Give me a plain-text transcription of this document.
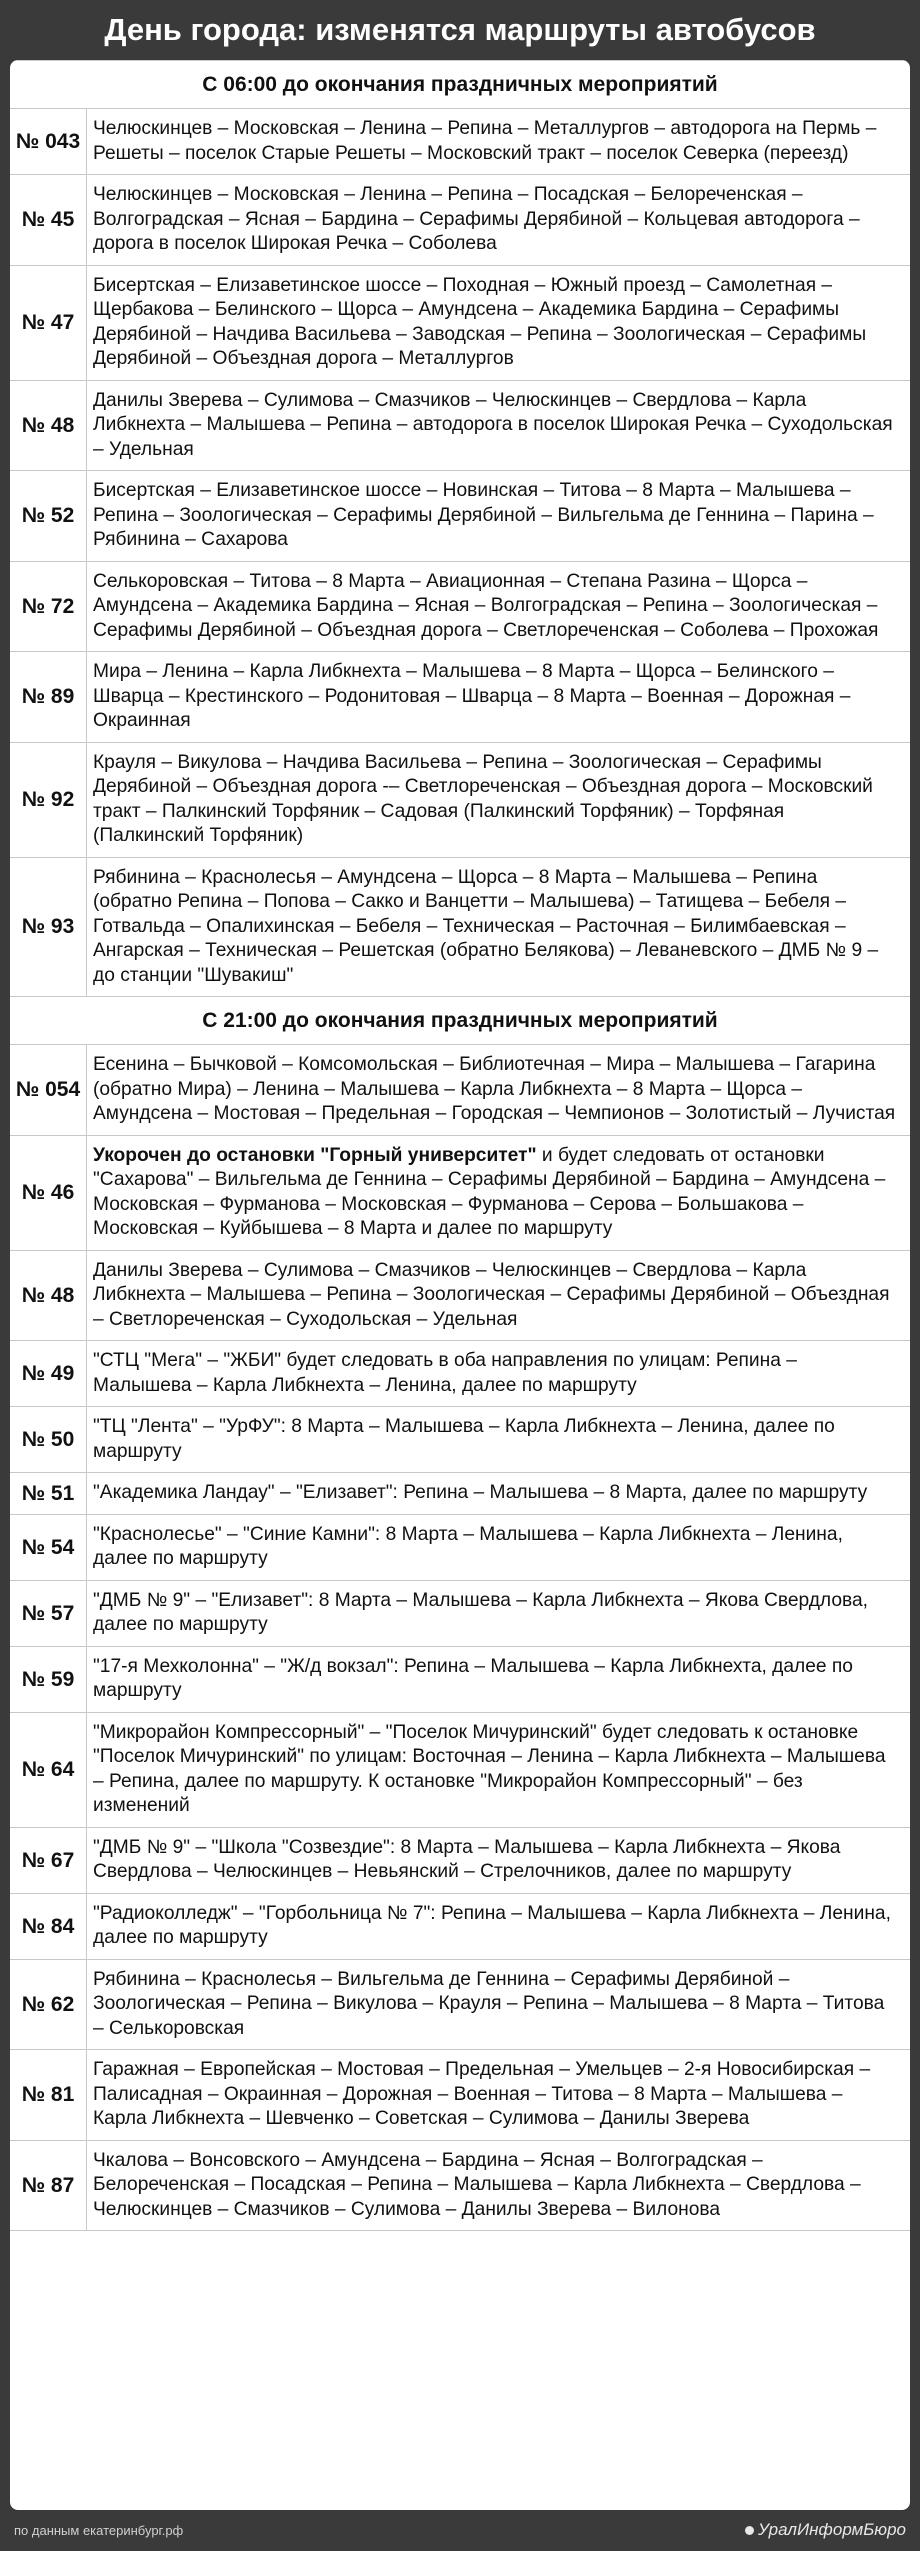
День города: изменятся маршруты автобусов
С 06:00 до окончания праздничных мероприятий	
№ 043	Челюскинцев – Московская – Ленина – Репина – Металлургов – автодорога на Пермь – Решеты – поселок Старые Решеты – Московский тракт – поселок Северка (переезд)
№ 45	Челюскинцев – Московская – Ленина – Репина – Посадская – Белореченская – Волгоградская – Ясная – Бардина – Серафимы Дерябиной – Кольцевая автодорога – дорога в поселок Широкая Речка – Соболева
№ 47	Бисертская – Елизаветинское шоссе – Походная – Южный проезд – Самолетная – Щербакова – Белинского – Щорса – Амундсена – Академика Бардина – Серафимы Дерябиной – Начдива Васильева – Заводская – Репина – Зоологическая – Серафимы Дерябиной – Объездная дорога – Металлургов
№ 48	Данилы Зверева – Сулимова – Смазчиков – Челюскинцев – Свердлова – Карла Либкнехта – Малышева – Репина – автодорога в поселок Широкая Речка – Суходольская – Удельная
№ 52	Бисертская – Елизаветинское шоссе – Новинская – Титова – 8 Марта – Малышева – Репина – Зоологическая – Серафимы Дерябиной – Вильгельма де Геннина – Парина – Рябинина – Сахарова
№ 72	Селькоровская – Титова – 8 Марта – Авиационная – Степана Разина – Щорса – Амундсена – Академика Бардина – Ясная – Волгоградская – Репина – Зоологическая – Серафимы Дерябиной – Объездная дорога – Светлореченская – Соболева – Прохожая
№ 89	Мира – Ленина – Карла Либкнехта – Малышева – 8 Марта – Щорса – Белинского – Шварца – Крестинского – Родонитовая – Шварца – 8 Марта – Военная – Дорожная – Окраинная
№ 92	Крауля – Викулова – Начдива Васильева – Репина – Зоологическая – Серафимы Дерябиной – Объездная дорога -– Светлореченская – Объездная дорога – Московский тракт – Палкинский Торфяник – Садовая (Палкинский Торфяник) – Торфяная (Палкинский Торфяник)
№ 93	Рябинина – Краснолесья – Амундсена – Щорса – 8 Марта – Малышева – Репина (обратно Репина – Попова – Сакко и Ванцетти – Малышева) – Татищева – Бебеля – Готвальда – Опалихинская – Бебеля – Техническая – Расточная – Билимбаевская – Ангарская – Техническая – Решетская (обратно Белякова) – Леваневского – ДМБ № 9 – до станции "Шувакиш"
С 21:00 до окончания праздничных мероприятий	
№ 054	Есенина – Бычковой – Комсомольская – Библиотечная – Мира – Малышева – Гагарина (обратно Мира) – Ленина – Малышева – Карла Либкнехта – 8 Марта – Щорса – Амундсена – Мостовая – Предельная – Городская – Чемпионов – Золотистый – Лучистая
№ 46	Укорочен до остановки "Горный университет" и будет следовать от остановки "Сахарова" – Вильгельма де Геннина – Серафимы Дерябиной – Бардина – Амундсена – Московская – Фурманова – Московская – Фурманова – Серова – Большакова – Московская – Куйбышева – 8 Марта и далее по маршруту
№ 48	Данилы Зверева – Сулимова – Смазчиков – Челюскинцев – Свердлова – Карла Либкнехта – Малышева – Репина – Зоологическая – Серафимы Дерябиной – Объездная – Светлореченская – Суходольская – Удельная
№ 49	"СТЦ "Мега" – "ЖБИ" будет следовать в оба направления по улицам: Репина – Малышева – Карла Либкнехта – Ленина, далее по маршруту
№ 50	"ТЦ "Лента" – "УрФУ": 8 Марта – Малышева – Карла Либкнехта – Ленина, далее по маршруту
№ 51	"Академика Ландау" – "Елизавет": Репина – Малышева – 8 Марта, далее по маршруту
№ 54	"Краснолесье" – "Синие Камни": 8 Марта – Малышева – Карла Либкнехта – Ленина, далее по маршруту
№ 57	"ДМБ № 9" – "Елизавет": 8 Марта – Малышева – Карла Либкнехта – Якова Свердлова, далее по маршруту
№ 59	"17-я Мехколонна" – "Ж/д вокзал": Репина – Малышева – Карла Либкнехта, далее по маршруту
№ 64	"Микрорайон Компрессорный" – "Поселок Мичуринский" будет следовать к остановке "Поселок Мичуринский" по улицам: Восточная – Ленина – Карла Либкнехта – Малышева – Репина, далее по маршруту. К остановке "Микрорайон Компрессорный" – без изменений
№ 67	"ДМБ № 9" – "Школа "Созвездие": 8 Марта – Малышева – Карла Либкнехта – Якова Свердлова – Челюскинцев – Невьянский – Стрелочников, далее по маршруту
№ 84	"Радиоколледж" – "Горбольница № 7": Репина – Малышева – Карла Либкнехта – Ленина, далее по маршруту
№ 62	Рябинина – Краснолесья – Вильгельма де Геннина – Серафимы Дерябиной – Зоологическая – Репина – Викулова – Крауля – Репина – Малышева – 8 Марта – Титова – Селькоровская
№ 81	Гаражная – Европейская – Мостовая – Предельная – Умельцев – 2-я Новосибирская – Палисадная – Окраинная – Дорожная – Военная – Титова – 8 Марта – Малышева – Карла Либкнехта – Шевченко – Советская – Сулимова – Данилы Зверева
№ 87	Чкалова – Вонсовского – Амундсена – Бардина – Ясная – Волгоградская – Белореченская – Посадская – Репина – Малышева – Карла Либкнехта – Свердлова – Челюскинцев – Смазчиков – Сулимова – Данилы Зверева – Вилонова
по данным екатеринбург.рф	УралИнформБюро
